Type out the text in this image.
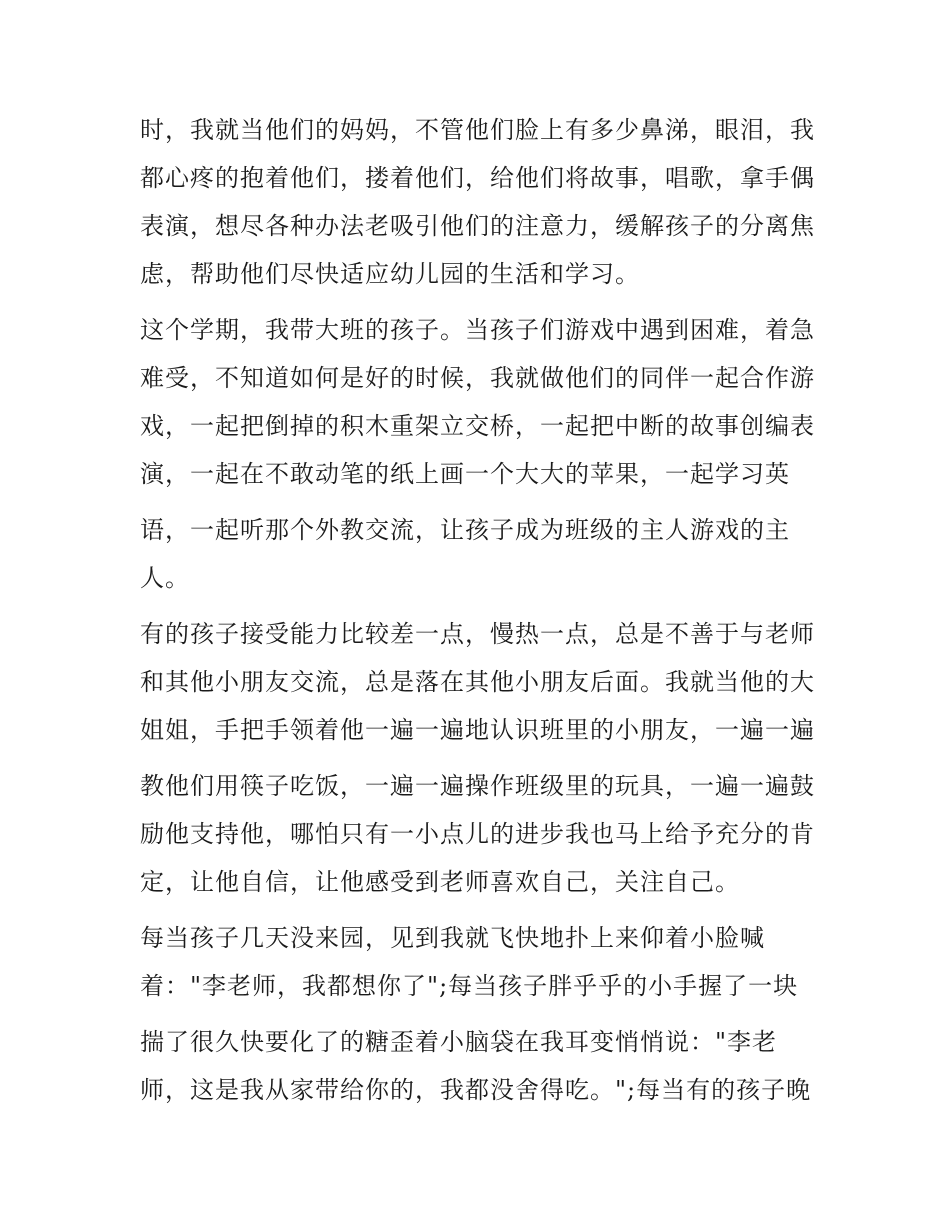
时，我就当他们的妈妈，不管他们脸上有多少鼻涕，眼泪，我
都心疼的抱着他们，搂着他们，给他们将故事，唱歌，拿手偶
表演，想尽各种办法老吸引他们的注意力，缓解孩子的分离焦
虑，帮助他们尽快适应幼儿园的生活和学习。
这个学期，我带大班的孩子。当孩子们游戏中遇到困难，着急
难受，不知道如何是好的时候，我就做他们的同伴一起合作游
戏，一起把倒掉的积木重架立交桥，一起把中断的故事创编表
演，一起在不敢动笔的纸上画一个大大的苹果，一起学习英
语，一起听那个外教交流，让孩子成为班级的主人游戏的主
人。
有的孩子接受能力比较差一点，慢热一点，总是不善于与老师
和其他小朋友交流，总是落在其他小朋友后面。我就当他的大
姐姐，手把手领着他一遍一遍地认识班里的小朋友，一遍一遍
教他们用筷子吃饭，一遍一遍操作班级里的玩具，一遍一遍鼓
励他支持他，哪怕只有一小点儿的进步我也马上给予充分的肯
定，让他自信，让他感受到老师喜欢自己，关注自己。
每当孩子几天没来园，见到我就飞快地扑上来仰着小脸喊
着："李老师，我都想你了";每当孩子胖乎乎的小手握了一块
揣了很久快要化了的糖歪着小脑袋在我耳变悄悄说："李老
师，这是我从家带给你的，我都没舍得吃。";每当有的孩子晚
